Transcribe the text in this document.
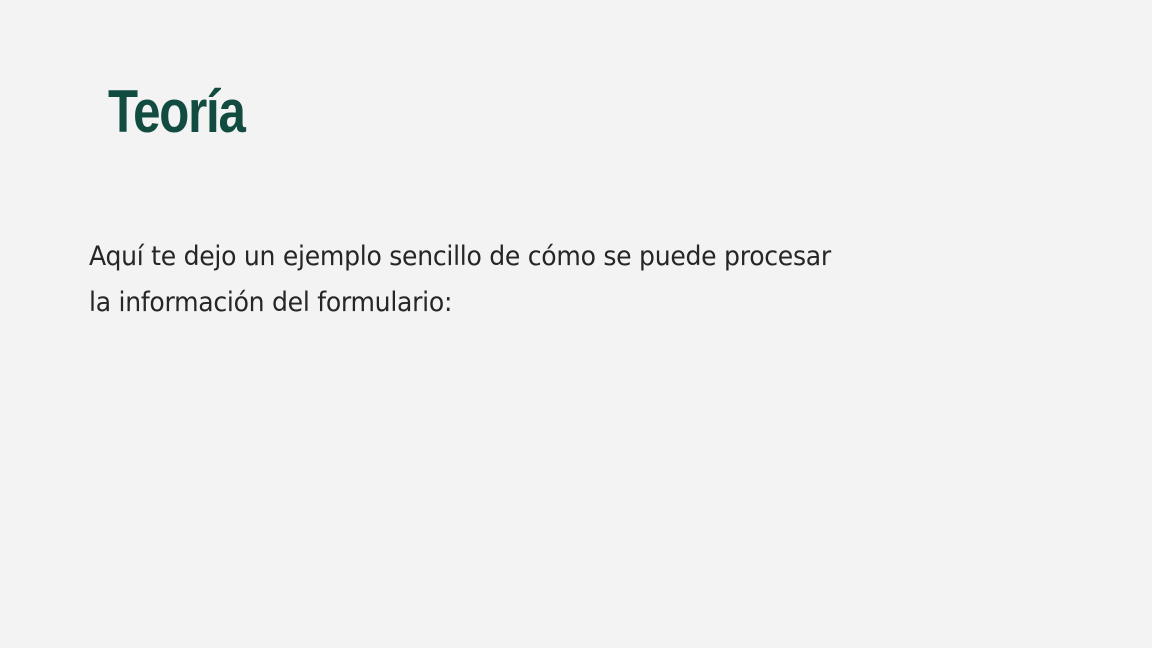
Teoría

Aquí te dejo un ejemplo sencillo de cómo se puede procesar
la información del formulario:
